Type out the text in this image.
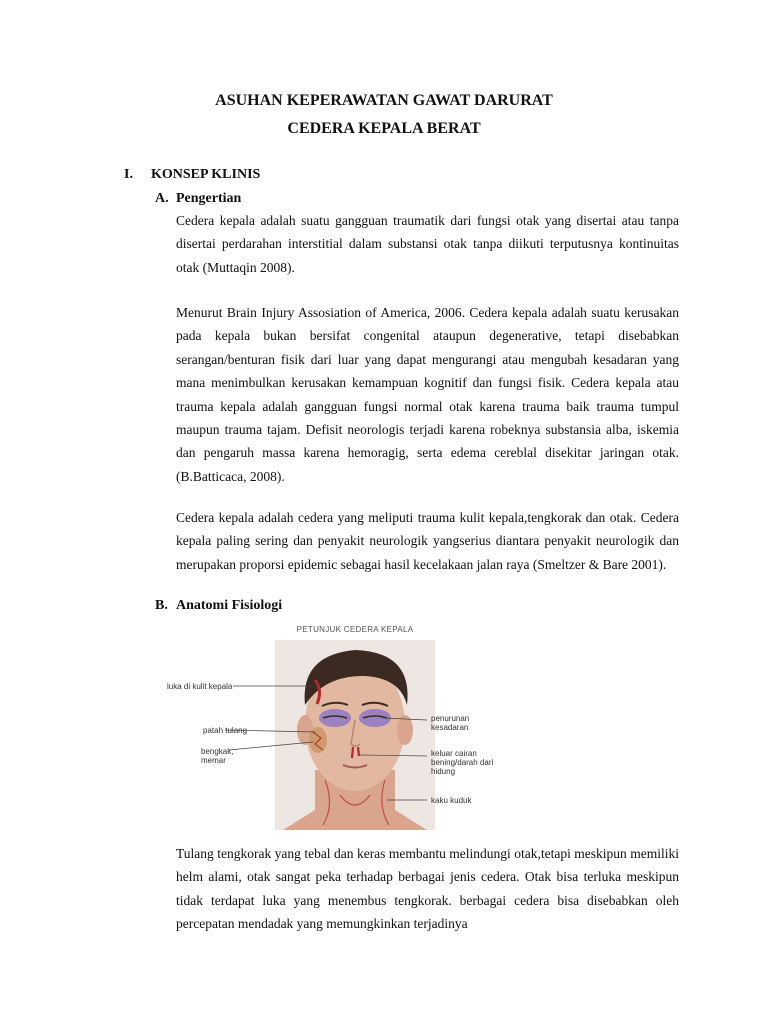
ASUHAN KEPERAWATAN GAWAT DARURAT
CEDERA KEPALA BERAT
I. KONSEP KLINIS
A. Pengertian

Cedera kepala adalah suatu gangguan traumatik dari fungsi otak yang disertai atau tanpa disertai perdarahan interstitial dalam substansi otak tanpa diikuti terputusnya kontinuitas otak (Muttaqin 2008).

Menurut Brain Injury Assosiation of America, 2006. Cedera kepala adalah suatu kerusakan pada kepala bukan bersifat congenital ataupun degenerative, tetapi disebabkan serangan/benturan fisik dari luar yang dapat mengurangi atau mengubah kesadaran yang mana menimbulkan kerusakan kemampuan kognitif dan fungsi fisik. Cedera kepala atau trauma kepala adalah gangguan fungsi normal otak karena trauma baik trauma tumpul maupun trauma tajam. Defisit neorologis terjadi karena robeknya substansia alba, iskemia dan pengaruh massa karena hemoragig, serta edema cereblal disekitar jaringan otak. (B.Batticaca, 2008).

Cedera kepala adalah cedera yang meliputi trauma kulit kepala,tengkorak dan otak. Cedera kepala paling sering dan penyakit neurologik yangserius diantara penyakit neurologik dan merupakan proporsi epidemic sebagai hasil kecelakaan jalan raya (Smeltzer & Bare 2001).

B. Anatomi Fisiologi
PETUNJUK CEDERA KEPALA
luka di kulit kepala
patah tulang
bengkak,
memar
penurunan
kesadaran
keluar cairan
bening/darah dari
hidung
kaku kuduk

Tulang tengkorak yang tebal dan keras membantu melindungi otak,tetapi meskipun memiliki helm alami, otak sangat peka terhadap berbagai jenis cedera. Otak bisa terluka meskipun tidak terdapat luka yang menembus tengkorak. berbagai cedera bisa disebabkan oleh percepatan mendadak yang memungkinkan terjadinya
